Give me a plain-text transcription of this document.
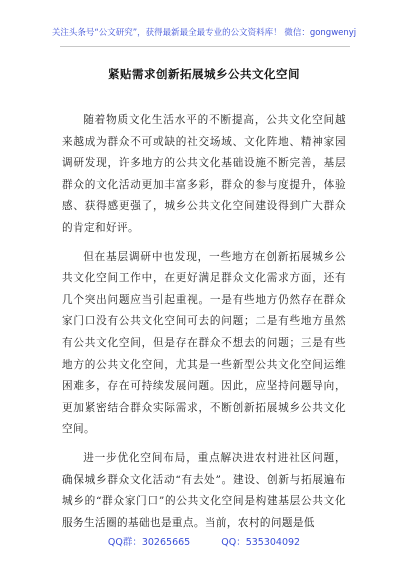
关注头条号“公文研究”，获得最新最全最专业的公文资料库！ 微信：gongwenyj
紧贴需求创新拓展城乡公共文化空间

随着物质文化生活水平的不断提高，公共文化空间越来越成为群众不可或缺的社交场域、文化阵地、精神家园调研发现，许多地方的公共文化基础设施不断完善，基层群众的文化活动更加丰富多彩，群众的参与度提升，体验感、获得感更强了，城乡公共文化空间建设得到广大群众的肯定和好评。

但在基层调研中也发现，一些地方在创新拓展城乡公共文化空间工作中，在更好满足群众文化需求方面，还有几个突出问题应当引起重视。一是有些地方仍然存在群众家门口没有公共文化空间可去的问题；二是有些地方虽然有公共文化空间，但是存在群众不想去的问题；三是有些地方的公共文化空间，尤其是一些新型公共文化空间运维困难多，存在可持续发展问题。因此，应坚持问题导向，更加紧密结合群众实际需求，不断创新拓展城乡公共文化空间。

进一步优化空间布局，重点解决进农村进社区问题，确保城乡群众文化活动“有去处”。建设、创新与拓展遍布城乡的“群众家门口”的公共文化空间是构建基层公共文化服务生活圈的基础也是重点。当前，农村的问题是低

QQ群：30265665	QQ：535304092
